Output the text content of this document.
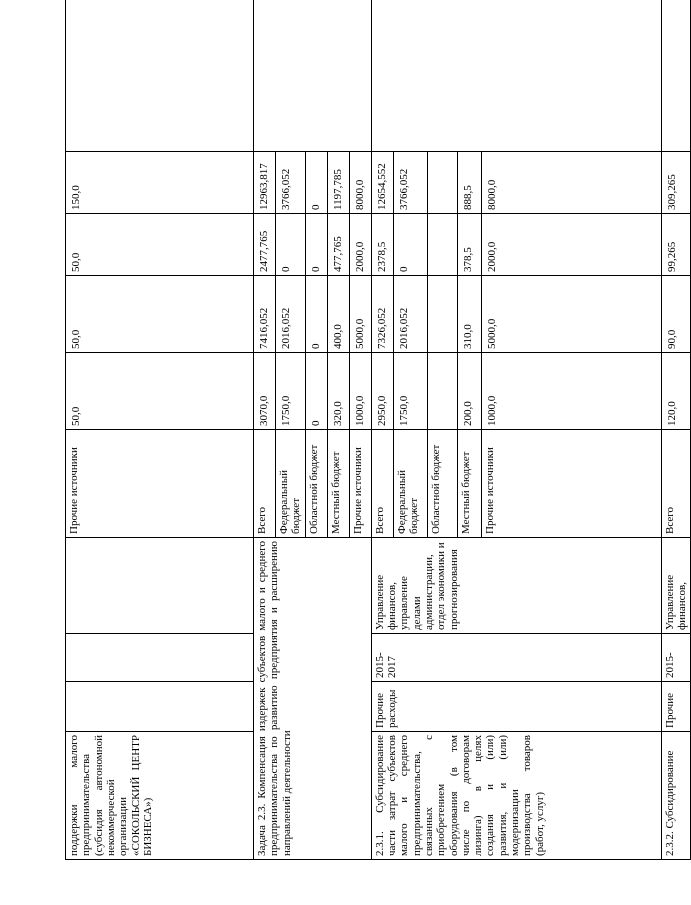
поддержки малого предпринимательства (субсидия автономной некоммерческой организации «СОКОЛЬСКИЙ ЦЕНТР БИЗНЕСА»)				Прочие источники	50,0	50,0	50,0	150,0	
Задача 2.3. Компенсация издержек субъектов малого и среднего предпринимательства по развитию предприятия и расширению направлений деятельности				Всего	3070,0	7416,052	2477,765	12963,817	
				Федеральный бюджет	1750,0	2016,052	0	3766,052	
				Областной бюджет	0	0	0	0	
				Местный бюджет	320,0	400,0	477,765	1197,785	
				Прочие источники	1000,0	5000,0	2000,0	8000,0	
2.3.1. Субсидирование части затрат субъектов малого и среднего предпринимательства, связанных с приобретением оборудования (в том числе по договорам лизинга) в целях создания и (или) развития, и (или) модернизации производства товаров (работ, услуг)	Прочие расходы	2015-2017	Управление финансов, управление делами администрации, отдел экономики и прогнозирования	Всего	2950,0	7326,052	2378,5	12654,552	
				Федеральный бюджет	1750,0	2016,052	0	3766,052	
				Областной бюджет					
				Местный бюджет	200,0	310,0	378,5	888,5	
				Прочие источники	1000,0	5000,0	2000,0	8000,0	
2.3.2. Субсидирование	Прочие	2015-	Управление финансов,	Всего	120,0	90,0	99,265	309,265	
